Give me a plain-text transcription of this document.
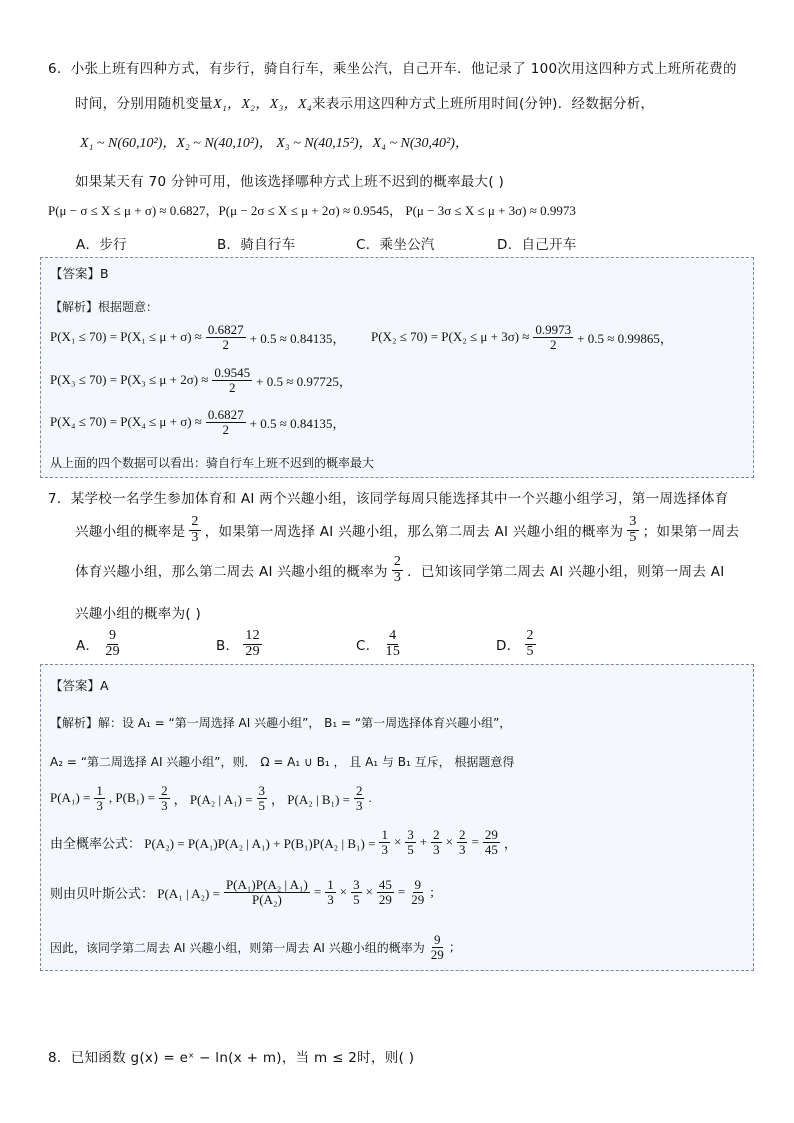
6．小张上班有四种方式，有步行，骑自行车，乘坐公汽，自己开车．他记录了 100次用这四种方式上班所花费的
时间，分别用随机变量X₁，X₂，X₃，X₄来表示用这四种方式上班所用时间(分钟)．经数据分析，
X₁ ~ N(60,10²)，X₂ ~ N(40,10²)， X₃ ~ N(40,15²)，X₄ ~ N(30,40²)，
如果某天有 70 分钟可用，他该选择哪种方式上班不迟到的概率最大( )
P(μ − σ ≤ X ≤ μ + σ) ≈ 0.6827，P(μ − 2σ ≤ X ≤ μ + 2σ) ≈ 0.9545， P(μ − 3σ ≤ X ≤ μ + 3σ) ≈ 0.9973
A．步行	B．骑自行车	C．乘坐公汽	D．自己开车
【答案】B
【解析】根据题意：
$P(X_1 \le 70) = P(X_1 \le \mu + \sigma) \approx \frac{0.6827}{2} + 0.5 \approx 0.84135$， $P(X_2 \le 70) = P(X_2 \le \mu + 3\sigma) \approx \frac{0.9973}{2} + 0.5 \approx 0.99865$，
$P(X_3 \le 70) = P(X_3 \le \mu + 2\sigma) \approx \frac{0.9545}{2} + 0.5 \approx 0.97725$，
$P(X_4 \le 70) = P(X_4 \le \mu + \sigma) \approx \frac{0.6827}{2} + 0.5 \approx 0.84135$，
从上面的四个数据可以看出：骑自行车上班不迟到的概率最大
7．某学校一名学生参加体育和 AI 两个兴趣小组，该同学每周只能选择其中一个兴趣小组学习，第一周选择体育
兴趣小组的概率是 $\frac{2}{3}$ ，如果第一周选择 AI 兴趣小组，那么第二周去 AI 兴趣小组的概率为 $\frac{3}{5}$ ；如果第一周去
体育兴趣小组，那么第二周去 AI 兴趣小组的概率为 $\frac{2}{3}$ ．已知该同学第二周去 AI 兴趣小组，则第一周去 AI
兴趣小组的概率为( )
A． $\frac{9}{29}$	B． $\frac{12}{29}$	C． $\frac{4}{15}$	D． $\frac{2}{5}$
【答案】A
【解析】解：设 A₁ = “第一周选择 AI 兴趣小组”， B₁ = “第一周选择体育兴趣小组”，
A₂ = “第二周选择 AI 兴趣小组”，则． Ω = A₁ ∪ B₁ ， 且 A₁ 与 B₁ 互斥， 根据题意得
$P(A_1) = \frac{1}{3}$ , $P(B_1) = \frac{2}{3}$ ， P(A₂ | $A_1) = \frac{3}{5}$ ， P(A₂ | $B_1) = \frac{2}{3}$ .
由全概率公式： P(A₂) = P(A₁)P(A₂ | A₁) + P(B₁)P(A₂ | $B_1) = \frac{1}{3} \times \frac{3}{5} + \frac{2}{3} \times \frac{2}{3} = \frac{29}{45}$ ，
则由贝叶斯公式： P(A₁ | $A_2) = \frac{\text{P(A₁)P(A₂ | A₁)}}{\text{P(A₂)}} = \frac{1}{3} \times \frac{3}{5} \times \frac{45}{29} = \frac{9}{29}$ ;
因此，该同学第二周去 AI 兴趣小组，则第一周去 AI 兴趣小组的概率为 $\frac{9}{29}$ ;
8．已知函数 g(x) = eˣ − ln(x + m)，当 m ≤ 2时，则( )
